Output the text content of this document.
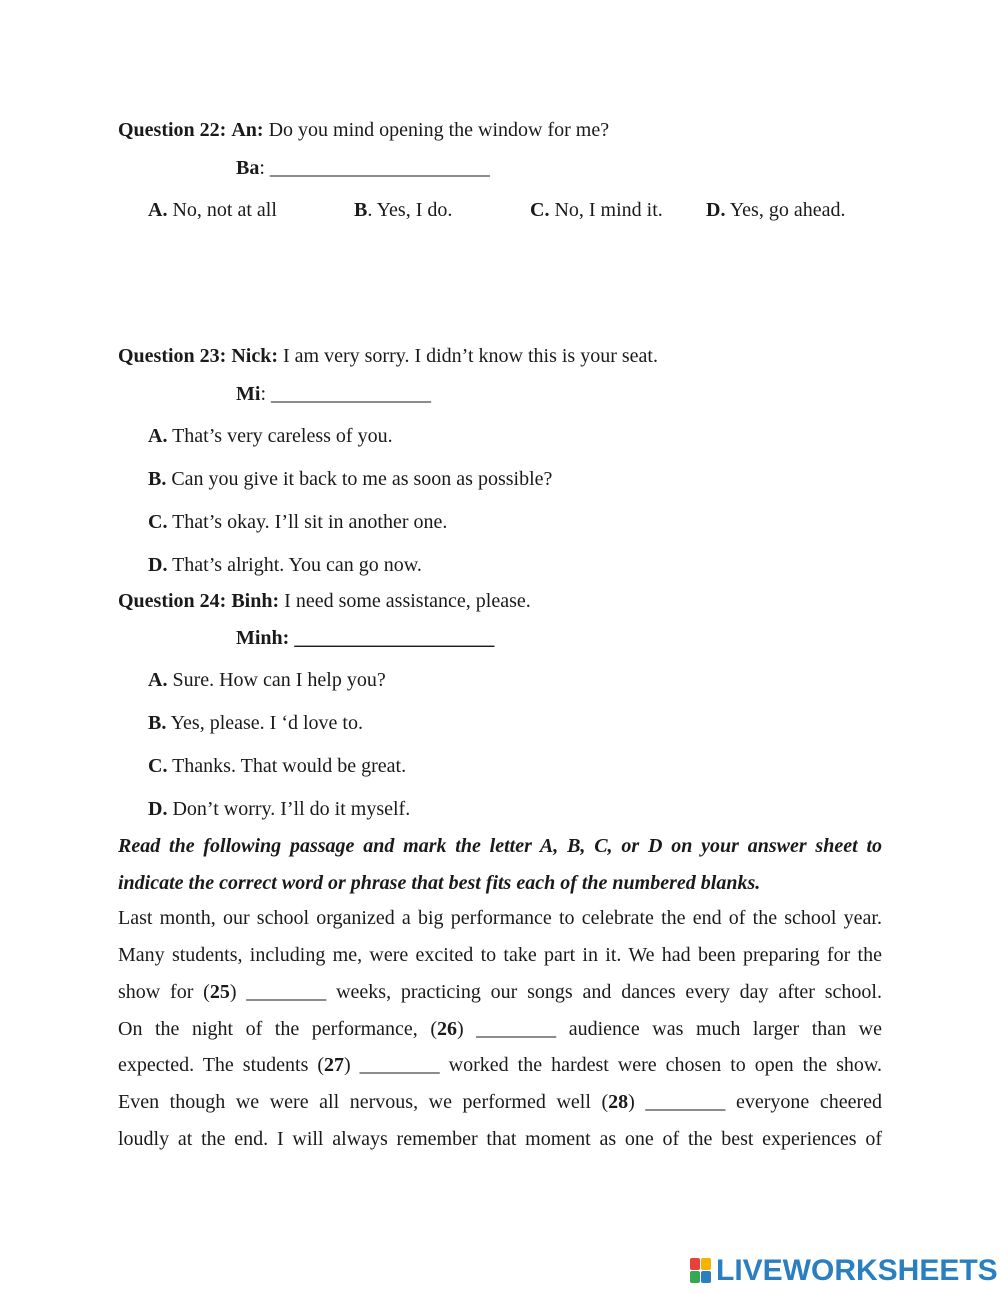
Question 22: An: Do you mind opening the window for me?
Ba: ______________________
A. No, not at all	B. Yes, I do.	C. No, I mind it. D. Yes, go ahead.
Question 23: Nick: I am very sorry. I didn’t know this is your seat.
Mi: ________________
A. That’s very careless of you.
B. Can you give it back to me as soon as possible?
C. That’s okay. I’ll sit in another one.
D. That’s alright. You can go now.
Question 24: Binh: I need some assistance, please.
Minh: ____________________
A. Sure. How can I help you?
B. Yes, please. I ‘d love to.
C. Thanks. That would be great.
D. Don’t worry. I’ll do it myself.
Read the following passage and mark the letter A, B, C, or D on your answer sheet to
indicate the correct word or phrase that best fits each of the numbered blanks.
Last month, our school organized a big performance to celebrate the end of the school year.
Many students, including me, were excited to take part in it. We had been preparing for the
show for (25) ________ weeks, practicing our songs and dances every day after school.
On the night of the performance, (26) ________ audience was much larger than we
expected. The students (27) ________ worked the hardest were chosen to open the show.
Even though we were all nervous, we performed well (28) ________ everyone cheered
loudly at the end. I will always remember that moment as one of the best experiences of
LIVEWORKSHEETS
